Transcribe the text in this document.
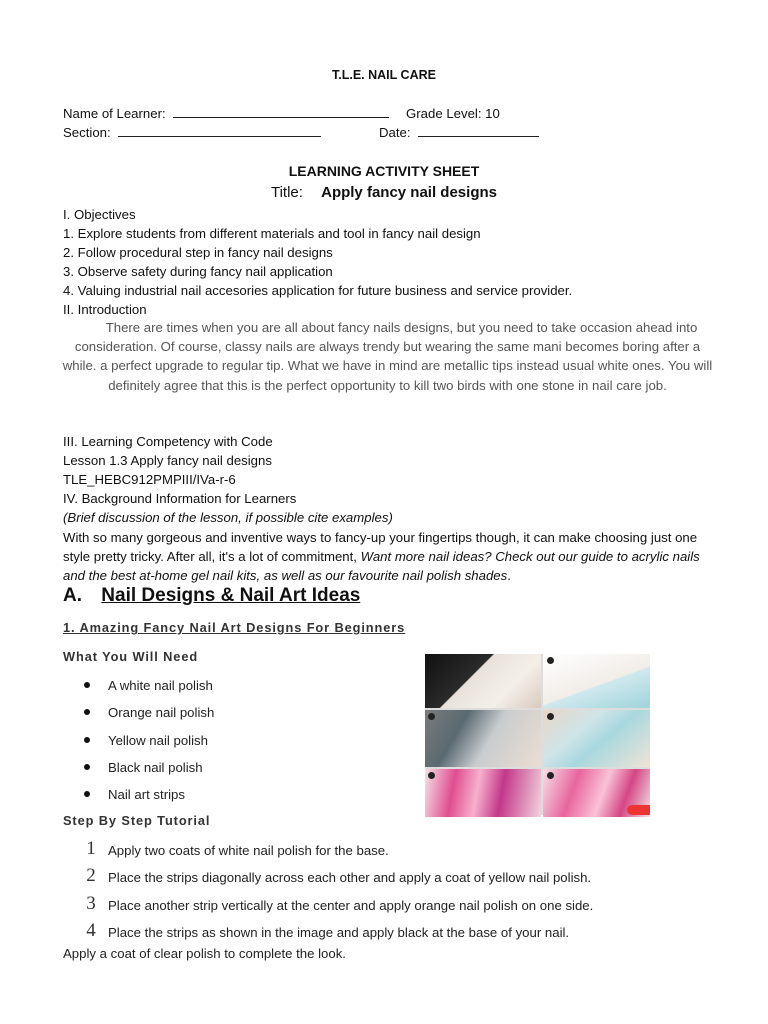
T.L.E. NAIL CARE
Name of Learner:	Grade Level: 10
Section:	Date:
LEARNING ACTIVITY SHEET
Title: Apply fancy nail designs
I. Objectives
1. Explore students from different materials and tool in fancy nail design
2. Follow procedural step in fancy nail designs
3. Observe safety during fancy nail application
4. Valuing industrial nail accesories application for future business and service provider.
II. Introduction

There are times when you are all about fancy nails designs, but you need to take occasion ahead into consideration. Of course, classy nails are always trendy but wearing the same mani becomes boring after a while. a perfect upgrade to regular tip. What we have in mind are metallic tips instead usual white ones. You will definitely agree that this is the perfect opportunity to kill two birds with one stone in nail care job.

III. Learning Competency with Code
Lesson 1.3 Apply fancy nail designs
TLE_HEBC912PMPIII/IVa-r-6
IV. Background Information for Learners
(Brief discussion of the lesson, if possible cite examples)
With so many gorgeous and inventive ways to fancy-up your fingertips though, it can make choosing just one style pretty tricky. After all, it's a lot of commitment, Want more nail ideas? Check out our guide to acrylic nails and the best at-home gel nail kits, as well as our favourite nail polish shades.
A. Nail Designs & Nail Art Ideas
1. Amazing Fancy Nail Art Designs For Beginners
What You Will Need
A white nail polish
Orange nail polish
Yellow nail polish
Black nail polish
Nail art strips
Step By Step Tutorial
1 Apply two coats of white nail polish for the base.
2 Place the strips diagonally across each other and apply a coat of yellow nail polish.
3 Place another strip vertically at the center and apply orange nail polish on one side.
4 Place the strips as shown in the image and apply black at the base of your nail.
Apply a coat of clear polish to complete the look.
